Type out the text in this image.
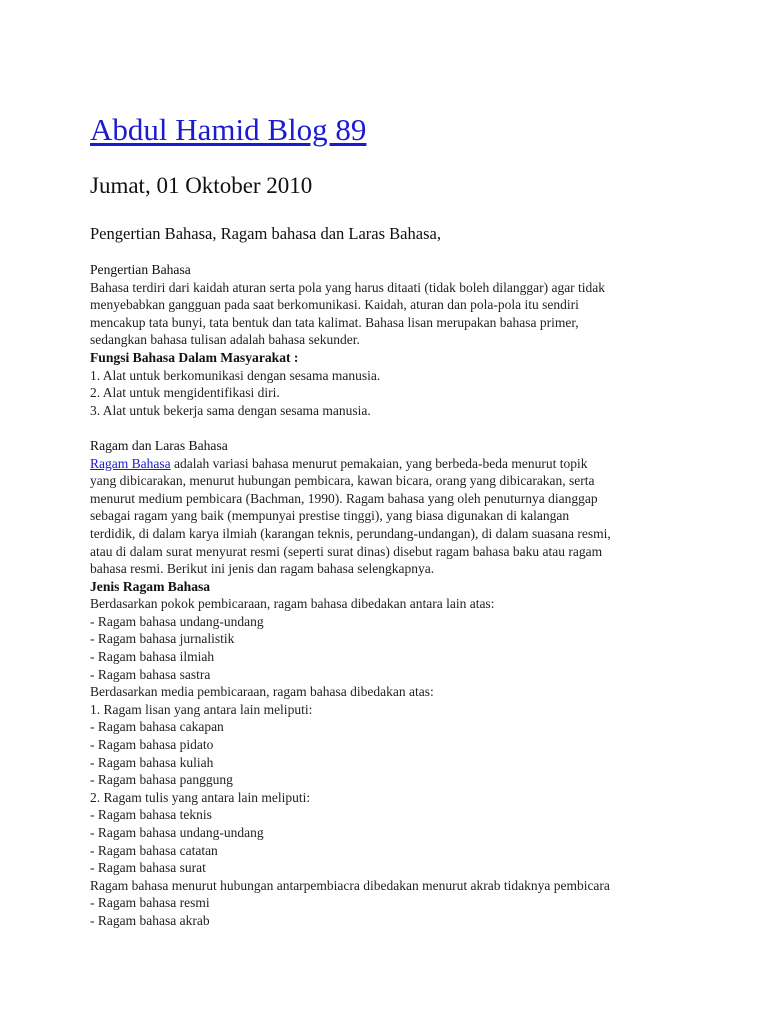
Abdul Hamid Blog 89
Jumat, 01 Oktober 2010
Pengertian Bahasa, Ragam bahasa dan Laras Bahasa,
Pengertian Bahasa
Bahasa terdiri dari kaidah aturan serta pola yang harus ditaati (tidak boleh dilanggar) agar tidak
menyebabkan gangguan pada saat berkomunikasi. Kaidah, aturan dan pola-pola itu sendiri
mencakup tata bunyi, tata bentuk dan tata kalimat. Bahasa lisan merupakan bahasa primer,
sedangkan bahasa tulisan adalah bahasa sekunder.
Fungsi Bahasa Dalam Masyarakat :
1. Alat untuk berkomunikasi dengan sesama manusia.
2. Alat untuk mengidentifikasi diri.
3. Alat untuk bekerja sama dengan sesama manusia.
Ragam dan Laras Bahasa
Ragam Bahasa adalah variasi bahasa menurut pemakaian, yang berbeda-beda menurut topik
yang dibicarakan, menurut hubungan pembicara, kawan bicara, orang yang dibicarakan, serta
menurut medium pembicara (Bachman, 1990). Ragam bahasa yang oleh penuturnya dianggap
sebagai ragam yang baik (mempunyai prestise tinggi), yang biasa digunakan di kalangan
terdidik, di dalam karya ilmiah (karangan teknis, perundang-undangan), di dalam suasana resmi,
atau di dalam surat menyurat resmi (seperti surat dinas) disebut ragam bahasa baku atau ragam
bahasa resmi. Berikut ini jenis dan ragam bahasa selengkapnya.
Jenis Ragam Bahasa
Berdasarkan pokok pembicaraan, ragam bahasa dibedakan antara lain atas:
- Ragam bahasa undang-undang
- Ragam bahasa jurnalistik
- Ragam bahasa ilmiah
- Ragam bahasa sastra
Berdasarkan media pembicaraan, ragam bahasa dibedakan atas:
1. Ragam lisan yang antara lain meliputi:
- Ragam bahasa cakapan
- Ragam bahasa pidato
- Ragam bahasa kuliah
- Ragam bahasa panggung
2. Ragam tulis yang antara lain meliputi:
- Ragam bahasa teknis
- Ragam bahasa undang-undang
- Ragam bahasa catatan
- Ragam bahasa surat
Ragam bahasa menurut hubungan antarpembiacra dibedakan menurut akrab tidaknya pembicara
- Ragam bahasa resmi
- Ragam bahasa akrab
